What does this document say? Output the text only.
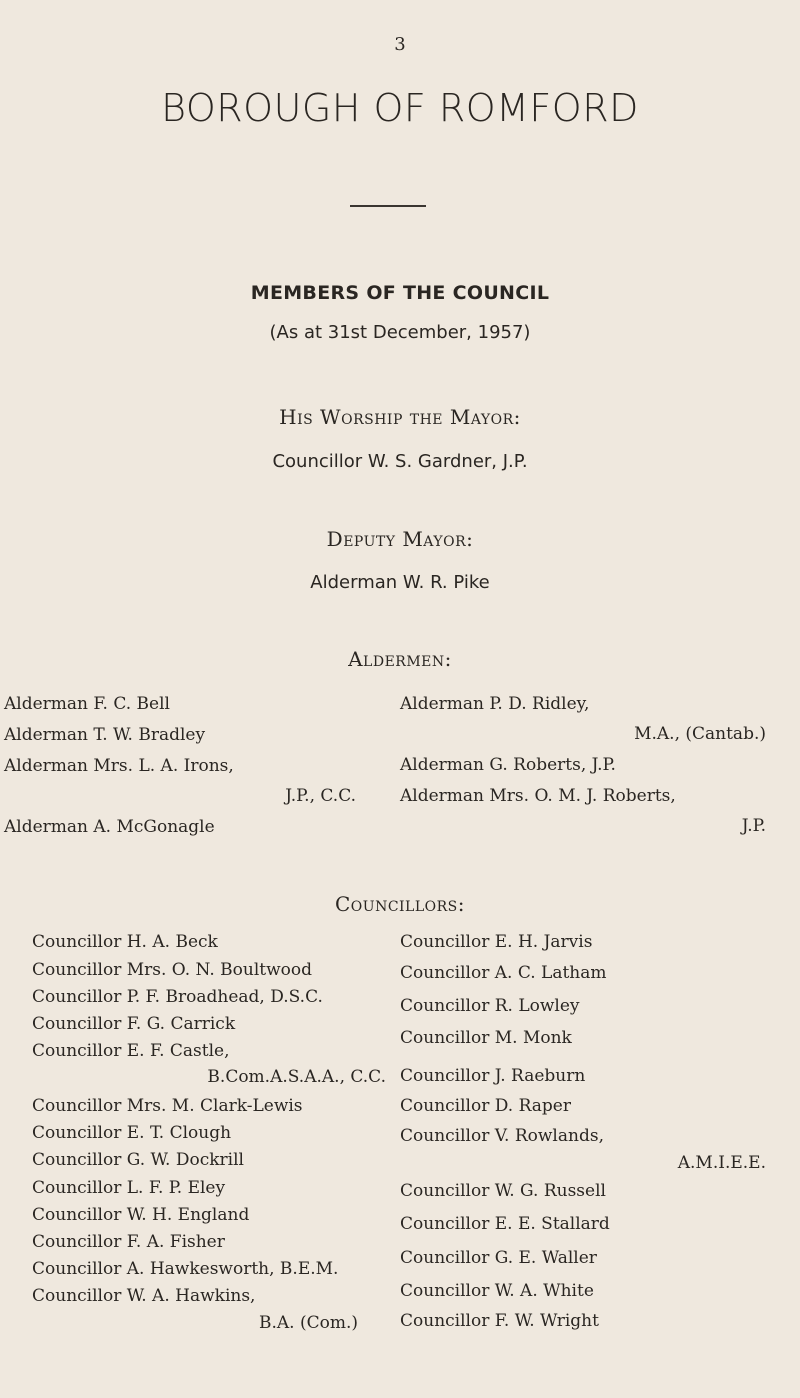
3
BOROUGH OF ROMFORD
MEMBERS OF THE COUNCIL
(As at 31st December, 1957)
His Worship the Mayor:
Councillor W. S. Gardner, J.P.
Deputy Mayor:
Alderman W. R. Pike
Aldermen:
Alderman F. C. Bell
Alderman T. W. Bradley
Alderman Mrs. L. A. Irons,
J.P., C.C.
Alderman A. McGonagle
Alderman P. D. Ridley,
M.A., (Cantab.)
Alderman G. Roberts, J.P.
Alderman Mrs. O. M. J. Roberts,
J.P.
Councillors:
Councillor H. A. Beck
Councillor Mrs. O. N. Boultwood
Councillor P. F. Broadhead, D.S.C.
Councillor F. G. Carrick
Councillor E. F. Castle,
B.Com.A.S.A.A., C.C.
Councillor Mrs. M. Clark-Lewis
Councillor E. T. Clough
Councillor G. W. Dockrill
Councillor L. F. P. Eley
Councillor W. H. England
Councillor F. A. Fisher
Councillor A. Hawkesworth, B.E.M.
Councillor W. A. Hawkins,
B.A. (Com.)
Councillor E. H. Jarvis
Councillor A. C. Latham
Councillor R. Lowley
Councillor M. Monk
Councillor J. Raeburn
Councillor D. Raper
Councillor V. Rowlands,
A.M.I.E.E.
Councillor W. G. Russell
Councillor E. E. Stallard
Councillor G. E. Waller
Councillor W. A. White
Councillor F. W. Wright
